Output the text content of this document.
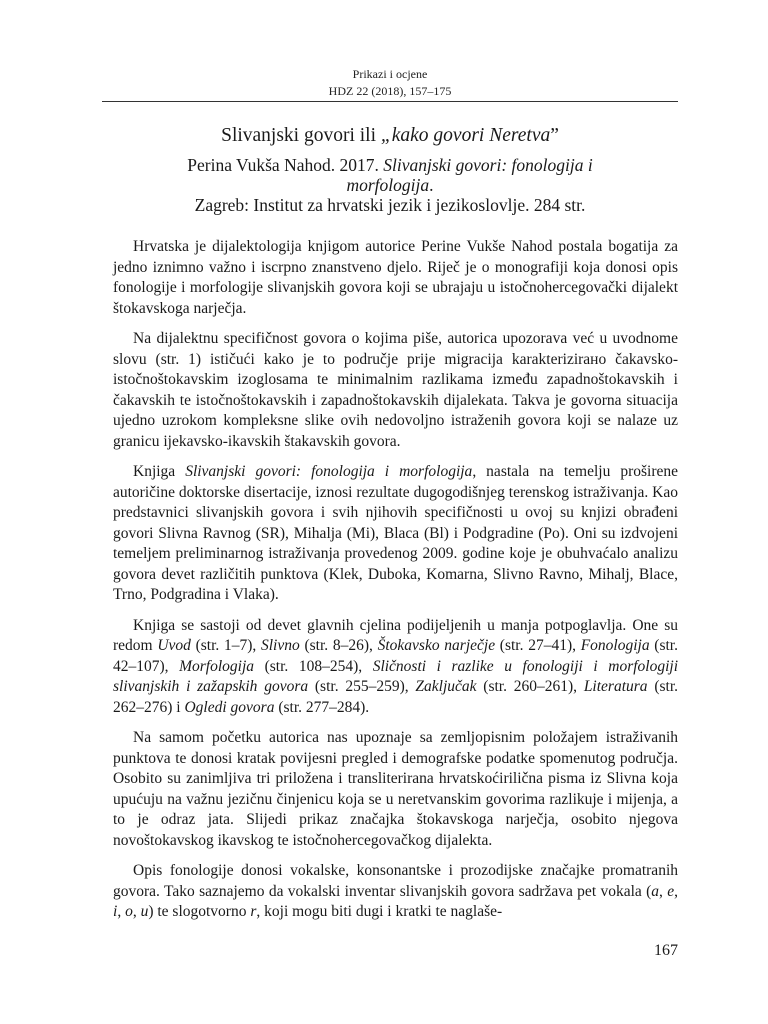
Prikazi i ocjene
HDZ 22 (2018), 157–175
Slivanjski govori ili „kako govori Neretva”
Perina Vukša Nahod. 2017. Slivanjski govori: fonologija i
morfologija.
Zagreb: Institut za hrvatski jezik i jezikoslovlje. 284 str.

Hrvatska je dijalektologija knjigom autorice Perine Vukše Nahod postala bogatija za jedno iznimno važno i iscrpno znanstveno djelo. Riječ je o monografiji koja donosi opis fonologije i morfologije slivanjskih govora koji se ubrajaju u istočnohercegovački dijalekt štokavskoga narječja.

Na dijalektnu specifičnost govora o kojima piše, autorica upozorava već u uvodnome slovu (str. 1) ističući kako je to područje prije migracija karakteriziraно čakavsko-istočnoštokavskim izoglosama te minimalnim razlikama između zapadnoštokavskih i čakavskih te istočnoštokavskih i zapadnoštokavskih dijalekata. Takva je govorna situacija ujedno uzrokom kompleksne slike ovih nedovoljno istraženih govora koji se nalaze uz granicu ijekavsko-ikavskih štakavskih govora.

Knjiga Slivanjski govori: fonologija i morfologija, nastala na temelju proširene autoričine doktorske disertacije, iznosi rezultate dugogodišnjeg terenskog istraživanja. Kao predstavnici slivanjskih govora i svih njihovih specifičnosti u ovoj su knjizi obrađeni govori Slivna Ravnog (SR), Mihalja (Mi), Blaca (Bl) i Podgradine (Po). Oni su izdvojeni temeljem preliminarnog istraživanja provedenog 2009. godine koje je obuhvaćalo analizu govora devet različitih punktova (Klek, Duboka, Komarna, Slivno Ravno, Mihalj, Blace, Trno, Podgradina i Vlaka).

Knjiga se sastoji od devet glavnih cjelina podijeljenih u manja potpoglavlja. One su redom Uvod (str. 1–7), Slivno (str. 8–26), Štokavsko narječje (str. 27–41), Fonologija (str. 42–107), Morfologija (str. 108–254), Sličnosti i razlike u fonologiji i morfologiji slivanjskih i zažapskih govora (str. 255–259), Zaključak (str. 260–261), Literatura (str. 262–276) i Ogledi govora (str. 277–284).

Na samom početku autorica nas upoznaje sa zemljopisnim položajem istraživanih punktova te donosi kratak povijesni pregled i demografske podatke spomenutog područja. Osobito su zanimljiva tri priložena i transliterirana hrvatskoćirilična pisma iz Slivna koja upućuju na važnu jezičnu činjenicu koja se u neretvanskim govorima razlikuje i mijenja, a to je odraz jata. Slijedi prikaz značajka štokavskoga narječja, osobito njegova novoštokavskog ikavskog te istočnohercegovačkog dijalekta.

Opis fonologije donosi vokalske, konsonantske i prozodijske značajke promatranih govora. Tako saznajemo da vokalski inventar slivanjskih govora sadržava pet vokala (a, e, i, o, u) te slogotvorno r, koji mogu biti dugi i kratki te naglaše-

167
